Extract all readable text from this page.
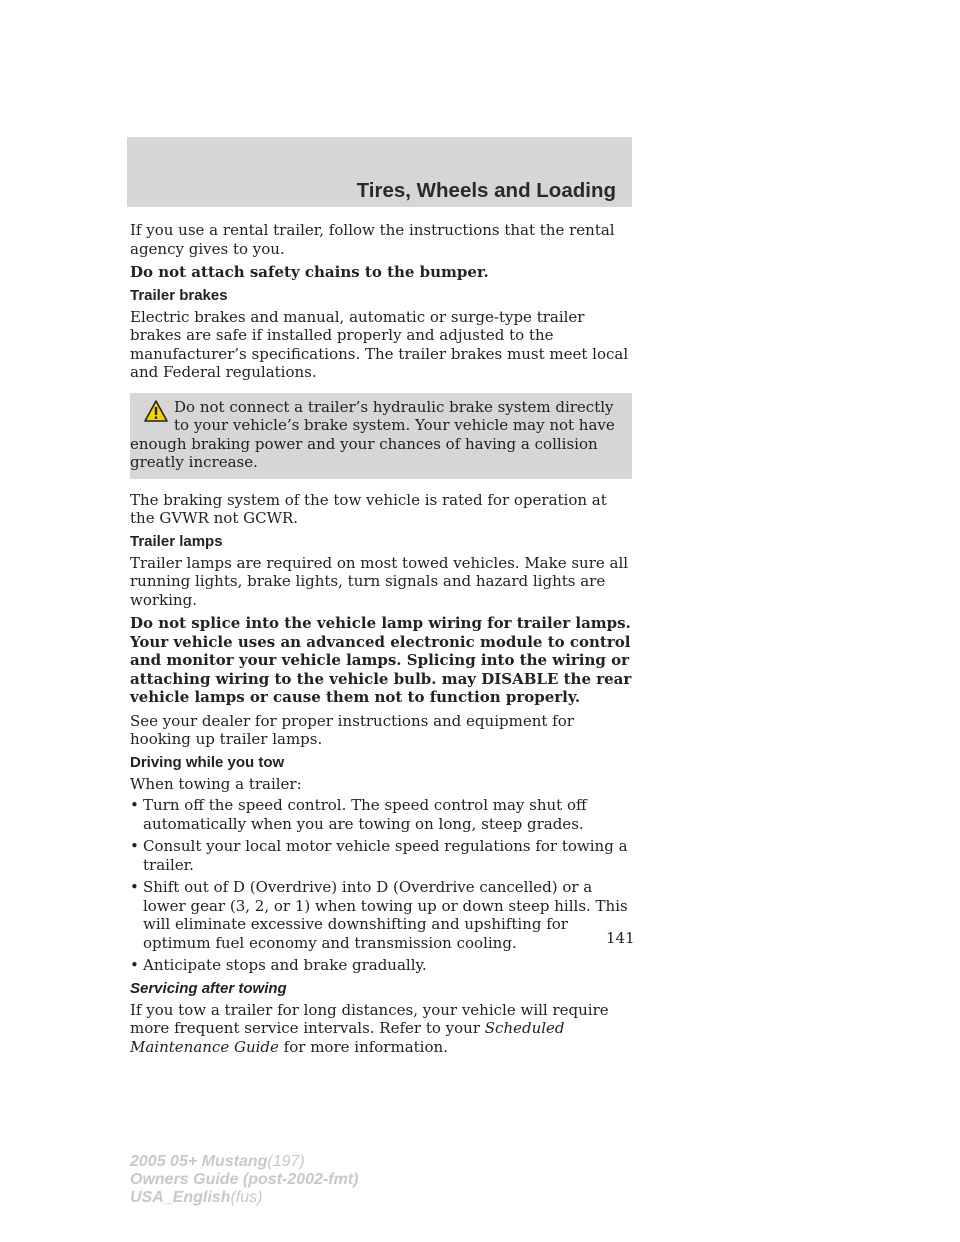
Tires, Wheels and Loading

If you use a rental trailer, follow the instructions that the rental agency gives to you.

Do not attach safety chains to the bumper.

Trailer brakes

Electric brakes and manual, automatic or surge-type trailer brakes are safe if installed properly and adjusted to the manufacturer’s specifications. The trailer brakes must meet local and Federal regulations.

Do not connect a trailer’s hydraulic brake system directly to your vehicle’s brake system. Your vehicle may not have enough braking power and your chances of having a collision greatly increase.

The braking system of the tow vehicle is rated for operation at the GVWR not GCWR.

Trailer lamps

Trailer lamps are required on most towed vehicles. Make sure all running lights, brake lights, turn signals and hazard lights are working.

Do not splice into the vehicle lamp wiring for trailer lamps. Your vehicle uses an advanced electronic module to control and monitor your vehicle lamps. Splicing into the wiring or attaching wiring to the vehicle bulb. may DISABLE the rear vehicle lamps or cause them not to function properly.

See your dealer for proper instructions and equipment for hooking up trailer lamps.

Driving while you tow

When towing a trailer:

• Turn off the speed control. The speed control may shut off automatically when you are towing on long, steep grades.
• Consult your local motor vehicle speed regulations for towing a trailer.
• Shift out of D (Overdrive) into D (Overdrive cancelled) or a lower gear (3, 2, or 1) when towing up or down steep hills. This will eliminate excessive downshifting and upshifting for optimum fuel economy and transmission cooling.
• Anticipate stops and brake gradually.
Servicing after towing

If you tow a trailer for long distances, your vehicle will require more frequent service intervals. Refer to your Scheduled Maintenance Guide for more information.

141
2005 05+ Mustang(197)
Owners Guide (post-2002-fmt)
USA_English(fus)
